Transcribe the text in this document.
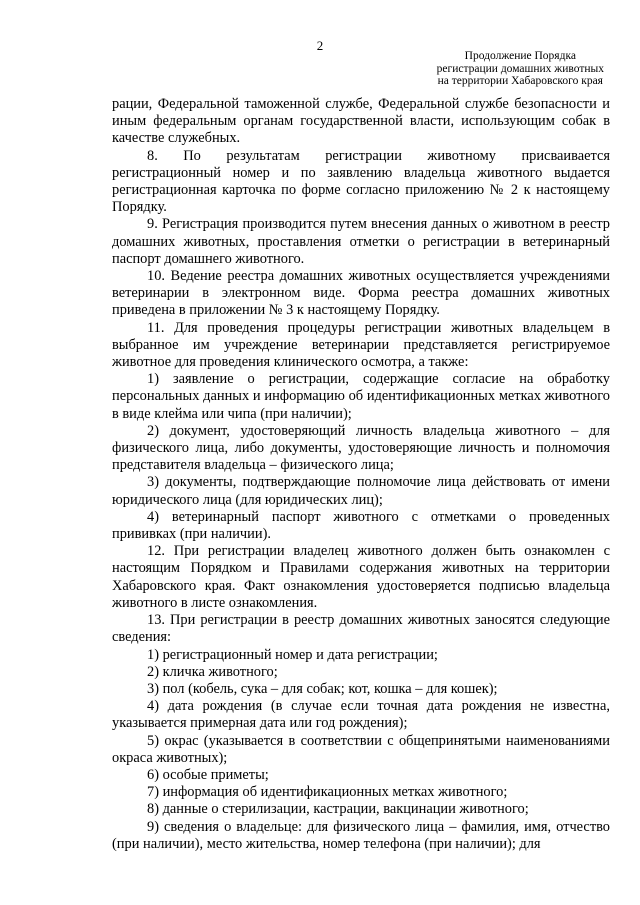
2
Продолжение Порядка
регистрации домашних животных
на территории Хабаровского края

рации, Федеральной таможенной службе, Федеральной службе безопасности и иным федеральным органам государственной власти, использующим собак в качестве служебных.

8. По результатам регистрации животному присваивается регистрационный номер и по заявлению владельца животного выдается регистрационная карточка по форме согласно приложению № 2 к настоящему Порядку.

9. Регистрация производится путем внесения данных о животном в реестр домашних животных, проставления отметки о регистрации в ветеринарный паспорт домашнего животного.

10. Ведение реестра домашних животных осуществляется учреждениями ветеринарии в электронном виде. Форма реестра домашних животных приведена в приложении № 3 к настоящему Порядку.

11. Для проведения процедуры регистрации животных владельцем в выбранное им учреждение ветеринарии представляется регистрируемое животное для проведения клинического осмотра, а также:

1) заявление о регистрации, содержащие согласие на обработку персональных данных и информацию об идентификационных метках животного в виде клейма или чипа (при наличии);

2) документ, удостоверяющий личность владельца животного – для физического лица, либо документы, удостоверяющие личность и полномочия представителя владельца – физического лица;

3) документы, подтверждающие полномочие лица действовать от имени юридического лица (для юридических лиц);

4) ветеринарный паспорт животного с отметками о проведенных прививках (при наличии).

12. При регистрации владелец животного должен быть ознакомлен с настоящим Порядком и Правилами содержания животных на территории Хабаровского края. Факт ознакомления удостоверяется подписью владельца животного в листе ознакомления.

13. При регистрации в реестр домашних животных заносятся следующие сведения:

1) регистрационный номер и дата регистрации;

2) кличка животного;

3) пол (кобель, сука – для собак; кот, кошка – для кошек);

4) дата рождения (в случае если точная дата рождения не известна, указывается примерная дата или год рождения);

5) окрас (указывается в соответствии с общепринятыми наименованиями окраса животных);

6) особые приметы;

7) информация об идентификационных метках животного;

8) данные о стерилизации, кастрации, вакцинации животного;

9) сведения о владельце: для физического лица – фамилия, имя, отчество (при наличии), место жительства, номер телефона (при наличии); для
